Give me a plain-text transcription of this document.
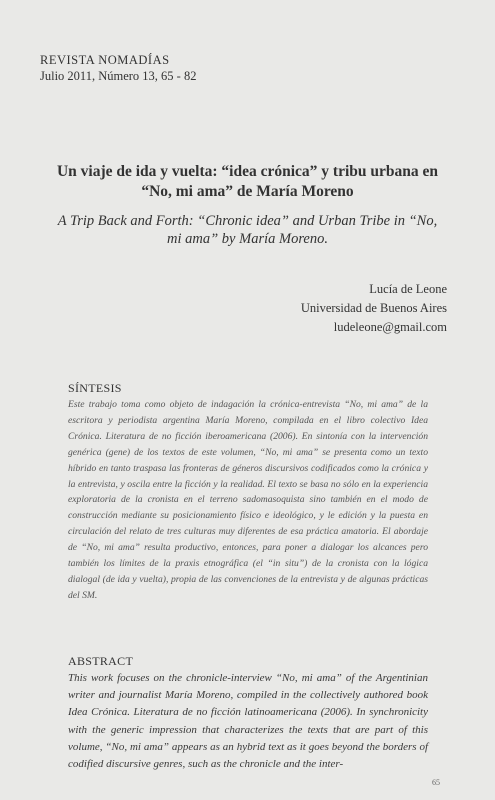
REVISTA NOMADÍAS
Julio 2011, Número 13, 65 - 82
Un viaje de ida y vuelta: “idea crónica” y tribu urbana en “No, mi ama” de María Moreno
A Trip Back and Forth: “Chronic idea” and Urban Tribe in “No, mi ama” by María Moreno.
Lucía de Leone
Universidad de Buenos Aires
ludeleone@gmail.com
SÍNTESIS
Este trabajo toma como objeto de indagación la crónica-entrevista “No, mi ama” de la escritora y periodista argentina María Moreno, compilada en el libro colectivo Idea Crónica. Literatura de no ficción iberoamericana (2006). En sintonía con la intervención genérica (gene) de los textos de este volumen, “No, mi ama” se presenta como un texto híbrido en tanto traspasa las fronteras de géneros discursivos codificados como la crónica y la entrevista, y oscila entre la ficción y la realidad. El texto se basa no sólo en la experiencia exploratoria de la cronista en el terreno sadomasoquista sino también en el modo de construcción mediante su posicionamiento físico e ideológico, y le edición y la puesta en circulación del relato de tres culturas muy diferentes de esa práctica amatoria. El abordaje de “No, mi ama” resulta productivo, entonces, para poner a dialogar los alcances pero también los límites de la praxis etnográfica (el “in situ”) de la cronista con la lógica dialogal (de ida y vuelta), propia de las convenciones de la entrevista y de algunas prácticas del SM.
ABSTRACT
This work focuses on the chronicle-interview “No, mi ama” of the Argentinian writer and journalist María Moreno, compiled in the collectively authored book Idea Crónica. Literatura de no ficción latinoamericana (2006). In synchronicity with the generic impression that characterizes the texts that are part of this volume, “No, mi ama” appears as an hybrid text as it goes beyond the borders of codified discursive genres, such as the chronicle and the inter-
65
